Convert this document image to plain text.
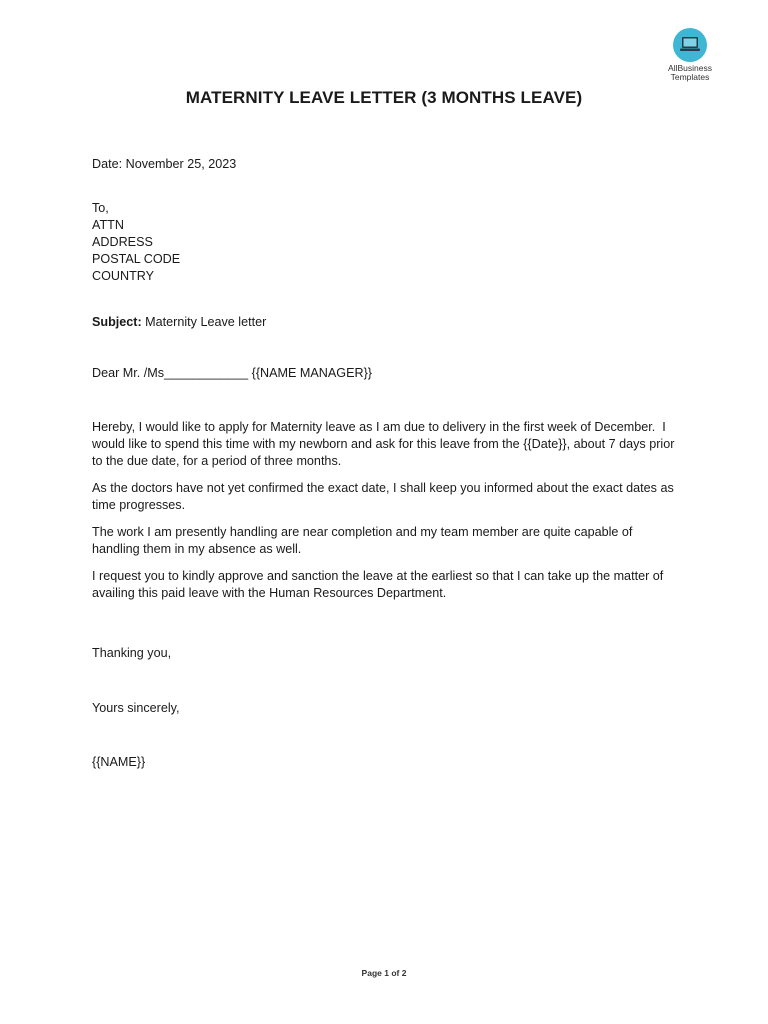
AllBusiness
Templates
MATERNITY LEAVE LETTER (3 MONTHS LEAVE)
Date: November 25, 2023
To,
ATTN
ADDRESS
POSTAL CODE
COUNTRY
Subject: Maternity Leave letter
Dear Mr. /Ms____________ {{NAME MANAGER}}
Hereby, I would like to apply for Maternity leave as I am due to delivery in the first week of December.  I would like to spend this time with my newborn and ask for this leave from the {{Date}}, about 7 days prior to the due date, for a period of three months.
As the doctors have not yet confirmed the exact date, I shall keep you informed about the exact dates as time progresses.
The work I am presently handling are near completion and my team member are quite capable of handling them in my absence as well.
I request you to kindly approve and sanction the leave at the earliest so that I can take up the matter of availing this paid leave with the Human Resources Department.
Thanking you,
Yours sincerely,
{{NAME}}
Page 1 of 2
